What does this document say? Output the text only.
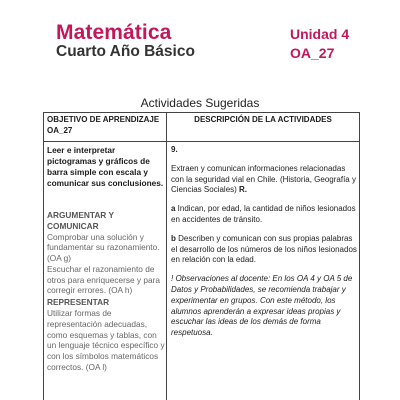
Matemática	Unidad 4
Cuarto Año Básico	OA_27
Actividades Sugeridas
OBJETIVO DE APRENDIZAJE OA_27
DESCRIPCIÓN DE LA ACTIVIDADES
Leer e interpretar pictogramas y gráficos de barra simple con escala y comunicar sus conclusiones.
ARGUMENTAR Y COMUNICAR
Comprobar una solución y fundamentar su razonamiento. (OA g)
Escuchar el razonamiento de otros para enriquecerse y para corregir errores. (OA h)
REPRESENTAR
Utilizar formas de representación adecuadas, como esquemas y tablas, con un lenguaje técnico específico y con los símbolos matemáticos correctos. (OA l)

9.

Extraen y comunican informaciones relacionadas con la seguridad vial en Chile. (Historia, Geografía y Ciencias Sociales) R.

a Indican, por edad, la cantidad de niños lesionados en accidentes de tránsito.

b Describen y comunican con sus propias palabras el desarrollo de los números de los niños lesionados en relación con la edad.

! Observaciones al docente: En los OA 4 y OA 5 de Datos y Probabilidades, se recomienda trabajar y experimentar en grupos. Con este método, los alumnos aprenderán a expresar ideas propias y escuchar las ideas de los demás de forma respetuosa.
